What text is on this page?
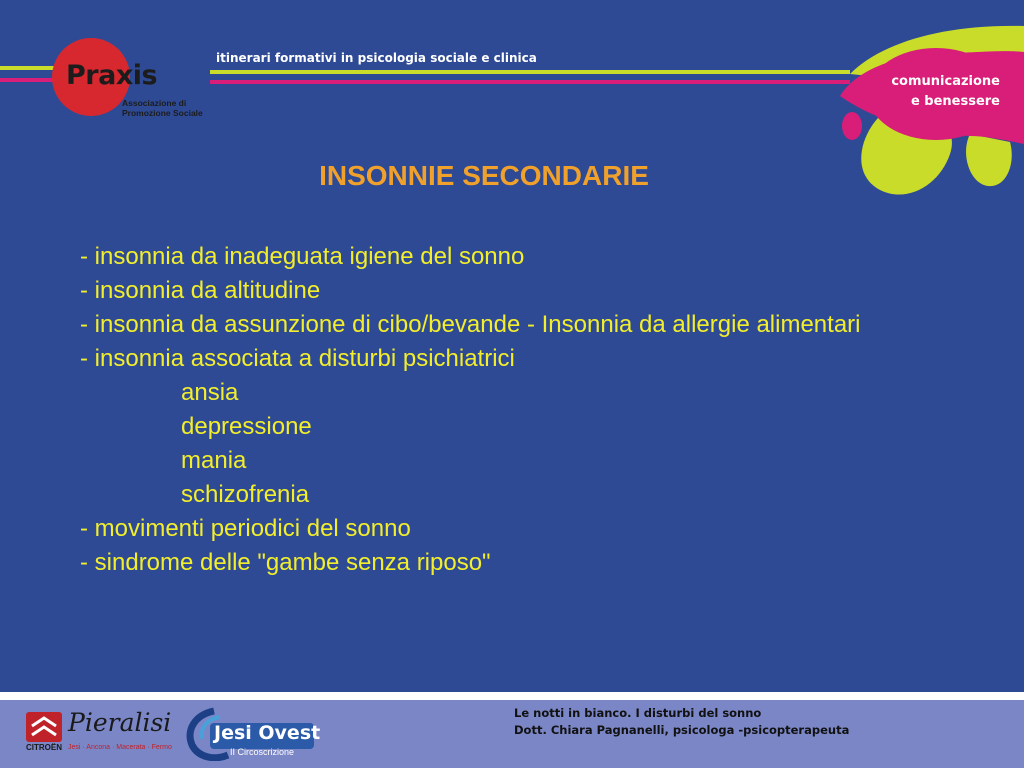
Praxis
Associazione di Promozione Sociale
itinerari formativi in psicologia sociale e clinica
comunicazione
e benessere
INSONNIE SECONDARIE
- insonnia da inadeguata igiene del sonno
- insonnia da altitudine
- insonnia da assunzione di cibo/bevande - Insonnia da allergie alimentari
- insonnia associata a disturbi psichiatrici
ansia
depressione
mania
schizofrenia
- movimenti periodici del sonno
- sindrome delle "gambe senza riposo"
CITROËN
Pieralisi
Jesi · Ancona · Macerata · Fermo
Jesi Ovest
II Circoscrizione
Le notti in bianco. I disturbi del sonno
Dott. Chiara Pagnanelli, psicologa -psicopterapeuta
